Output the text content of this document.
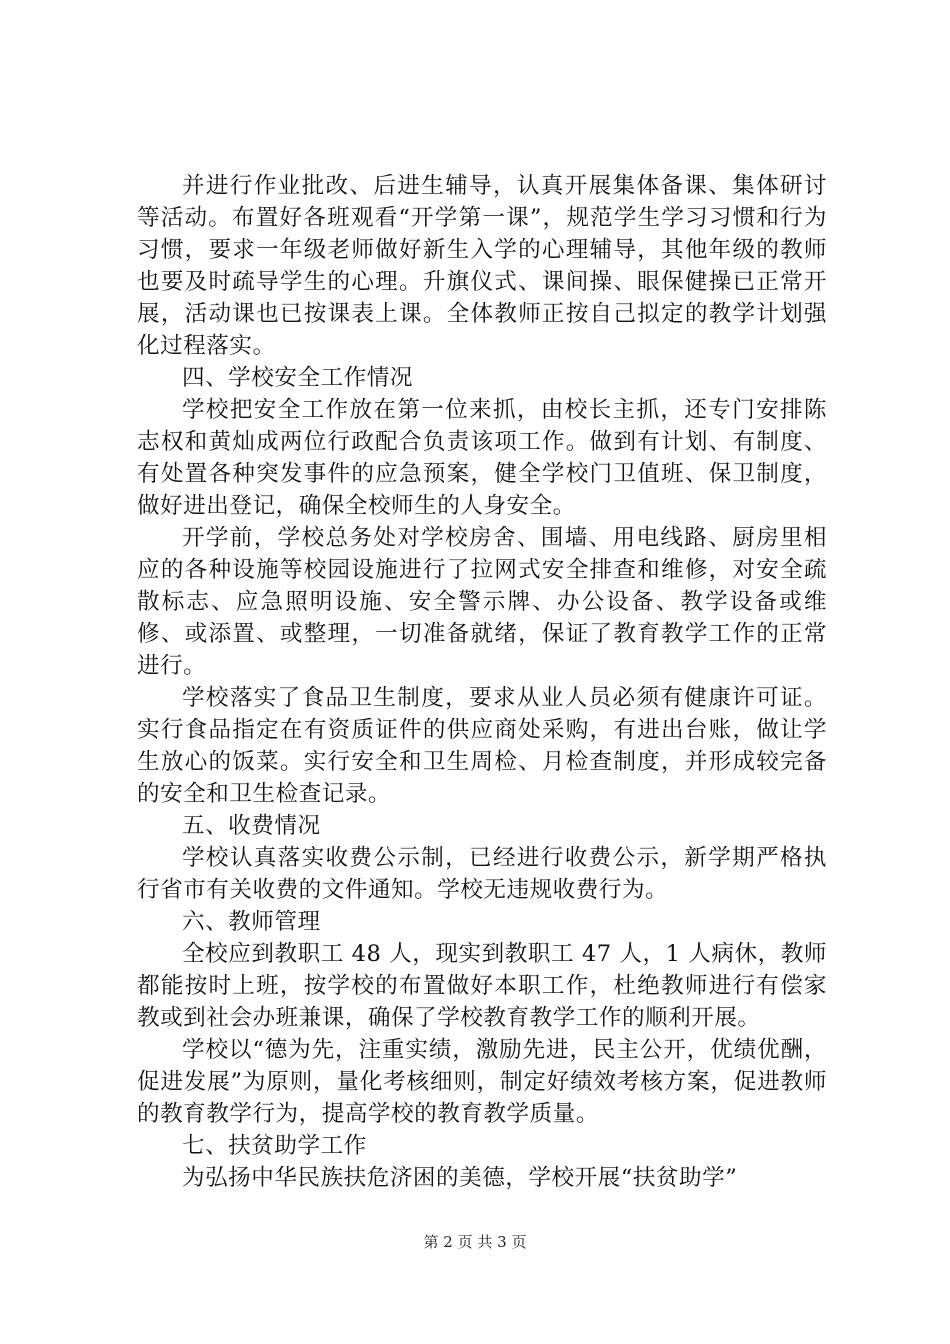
并进行作业批改、后进生辅导，认真开展集体备课、集体研讨等活动。布置好各班观看“开学第一课”，规范学生学习习惯和行为习惯，要求一年级老师做好新生入学的心理辅导，其他年级的教师也要及时疏导学生的心理。升旗仪式、课间操、眼保健操已正常开展，活动课也已按课表上课。全体教师正按自己拟定的教学计划强化过程落实。

四、学校安全工作情况

学校把安全工作放在第一位来抓，由校长主抓，还专门安排陈志权和黄灿成两位行政配合负责该项工作。做到有计划、有制度、有处置各种突发事件的应急预案，健全学校门卫值班、保卫制度，做好进出登记，确保全校师生的人身安全。

开学前，学校总务处对学校房舍、围墙、用电线路、厨房里相应的各种设施等校园设施进行了拉网式安全排查和维修，对安全疏散标志、应急照明设施、安全警示牌、办公设备、教学设备或维修、或添置、或整理，一切准备就绪，保证了教育教学工作的正常进行。

学校落实了食品卫生制度，要求从业人员必须有健康许可证。实行食品指定在有资质证件的供应商处采购，有进出台账，做让学生放心的饭菜。实行安全和卫生周检、月检查制度，并形成较完备的安全和卫生检查记录。

五、收费情况

学校认真落实收费公示制，已经进行收费公示，新学期严格执行省市有关收费的文件通知。学校无违规收费行为。

六、教师管理

全校应到教职工 48 人，现实到教职工 47 人，1 人病休，教师都能按时上班，按学校的布置做好本职工作，杜绝教师进行有偿家教或到社会办班兼课，确保了学校教育教学工作的顺利开展。

学校以“德为先，注重实绩，激励先进，民主公开，优绩优酬，促进发展”为原则，量化考核细则，制定好绩效考核方案，促进教师的教育教学行为，提高学校的教育教学质量。

七、扶贫助学工作

为弘扬中华民族扶危济困的美德，学校开展“扶贫助学”

第 2 页 共 3 页
